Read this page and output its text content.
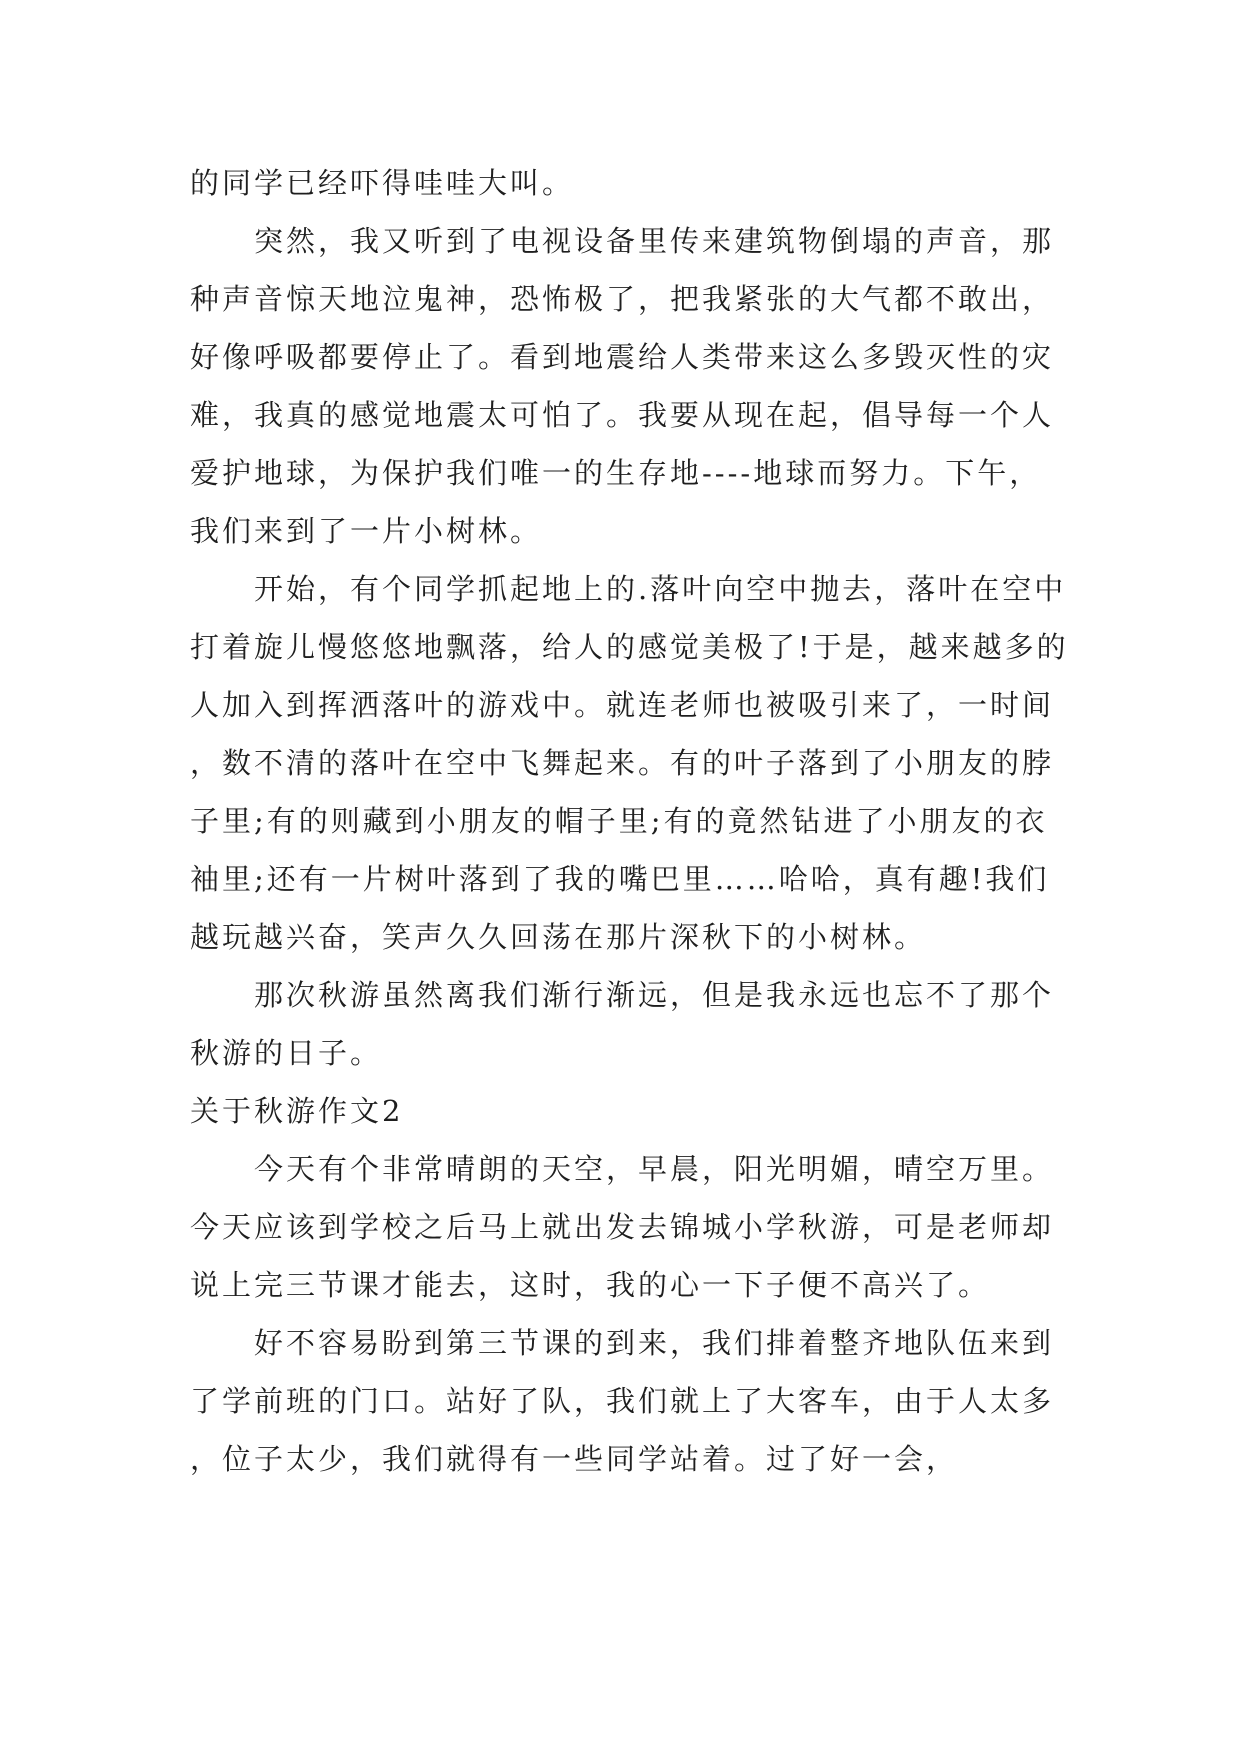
的同学已经吓得哇哇大叫。

突然，我又听到了电视设备里传来建筑物倒塌的声音，那种声音惊天地泣鬼神，恐怖极了，把我紧张的大气都不敢出，好像呼吸都要停止了。看到地震给人类带来这么多毁灭性的灾难，我真的感觉地震太可怕了。我要从现在起，倡导每一个人爱护地球，为保护我们唯一的生存地----地球而努力。下午，我们来到了一片小树林。

开始，有个同学抓起地上的.落叶向空中抛去，落叶在空中打着旋儿慢悠悠地飘落，给人的感觉美极了!于是，越来越多的人加入到挥洒落叶的游戏中。就连老师也被吸引来了，一时间，数不清的落叶在空中飞舞起来。有的叶子落到了小朋友的脖子里;有的则藏到小朋友的帽子里;有的竟然钻进了小朋友的衣袖里;还有一片树叶落到了我的嘴巴里……哈哈，真有趣!我们越玩越兴奋，笑声久久回荡在那片深秋下的小树林。

那次秋游虽然离我们渐行渐远，但是我永远也忘不了那个秋游的日子。

关于秋游作文2

今天有个非常晴朗的天空，早晨，阳光明媚，晴空万里。今天应该到学校之后马上就出发去锦城小学秋游，可是老师却说上完三节课才能去，这时，我的心一下子便不高兴了。

好不容易盼到第三节课的到来，我们排着整齐地队伍来到了学前班的门口。站好了队，我们就上了大客车，由于人太多，位子太少，我们就得有一些同学站着。过了好一会，
